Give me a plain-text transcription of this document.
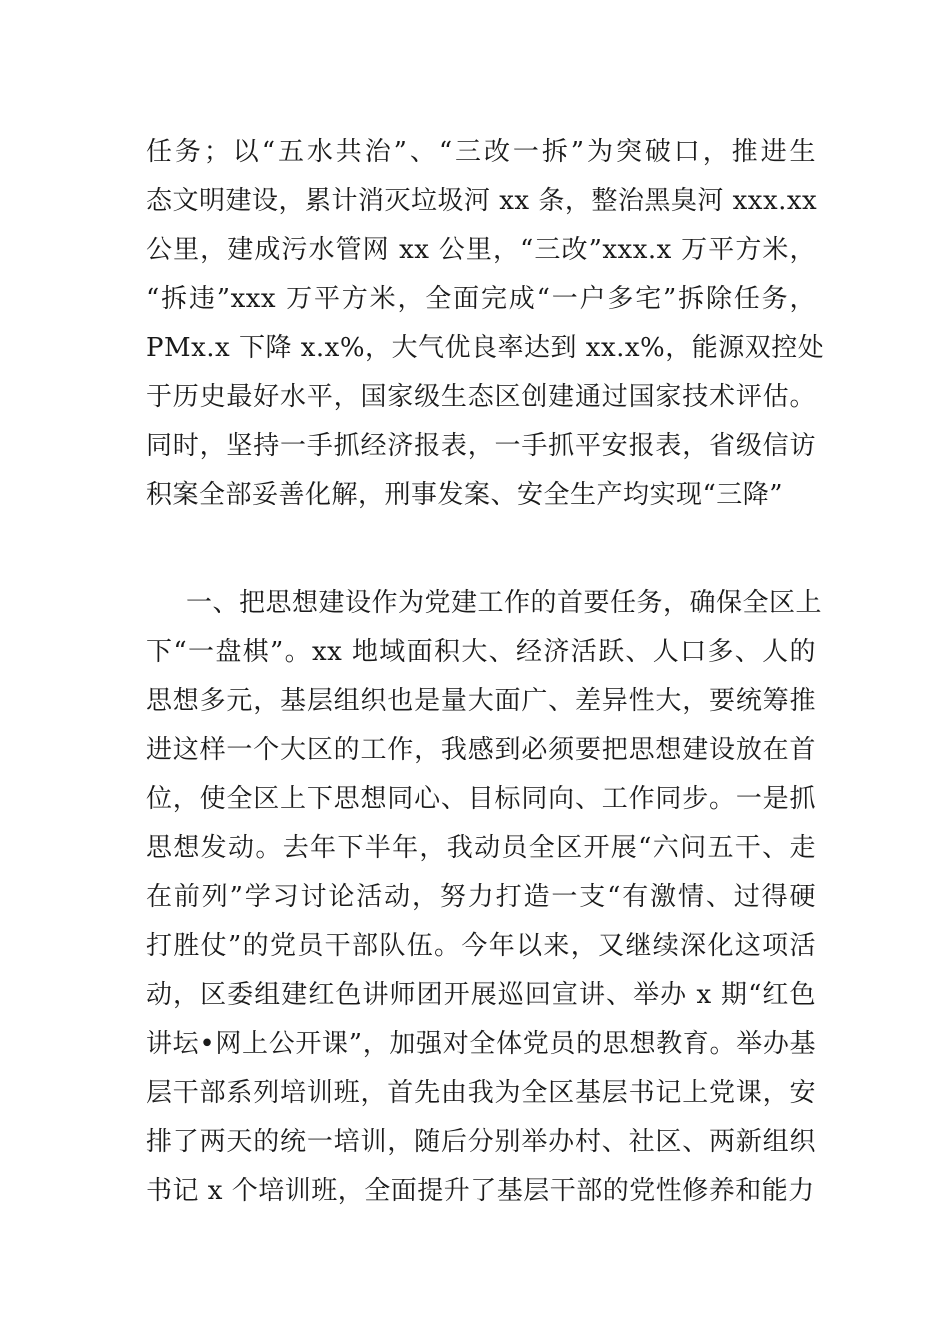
任务；以“五水共治”、“三改一拆”为突破口，推进生
态文明建设，累计消灭垃圾河 xx 条，整治黑臭河 xxx.xx
公里，建成污水管网 xx 公里，“三改”xxx.x 万平方米，
“拆违”xxx 万平方米，全面完成“一户多宅”拆除任务，
PMx.x 下降 x.x%，大气优良率达到 xx.x%，能源双控处
于历史最好水平，国家级生态区创建通过国家技术评估。
同时，坚持一手抓经济报表，一手抓平安报表，省级信访
积案全部妥善化解，刑事发案、安全生产均实现“三降”
一、把思想建设作为党建工作的首要任务，确保全区上
下“一盘棋”。xx 地域面积大、经济活跃、人口多、人的
思想多元，基层组织也是量大面广、差异性大，要统筹推
进这样一个大区的工作，我感到必须要把思想建设放在首
位，使全区上下思想同心、目标同向、工作同步。一是抓
思想发动。去年下半年，我动员全区开展“六问五干、走
在前列”学习讨论活动，努力打造一支“有激情、过得硬
打胜仗”的党员干部队伍。今年以来，又继续深化这项活
动，区委组建红色讲师团开展巡回宣讲、举办 x 期“红色
讲坛•网上公开课”，加强对全体党员的思想教育。举办基
层干部系列培训班，首先由我为全区基层书记上党课，安
排了两天的统一培训，随后分别举办村、社区、两新组织
书记 x 个培训班，全面提升了基层干部的党性修养和能力
